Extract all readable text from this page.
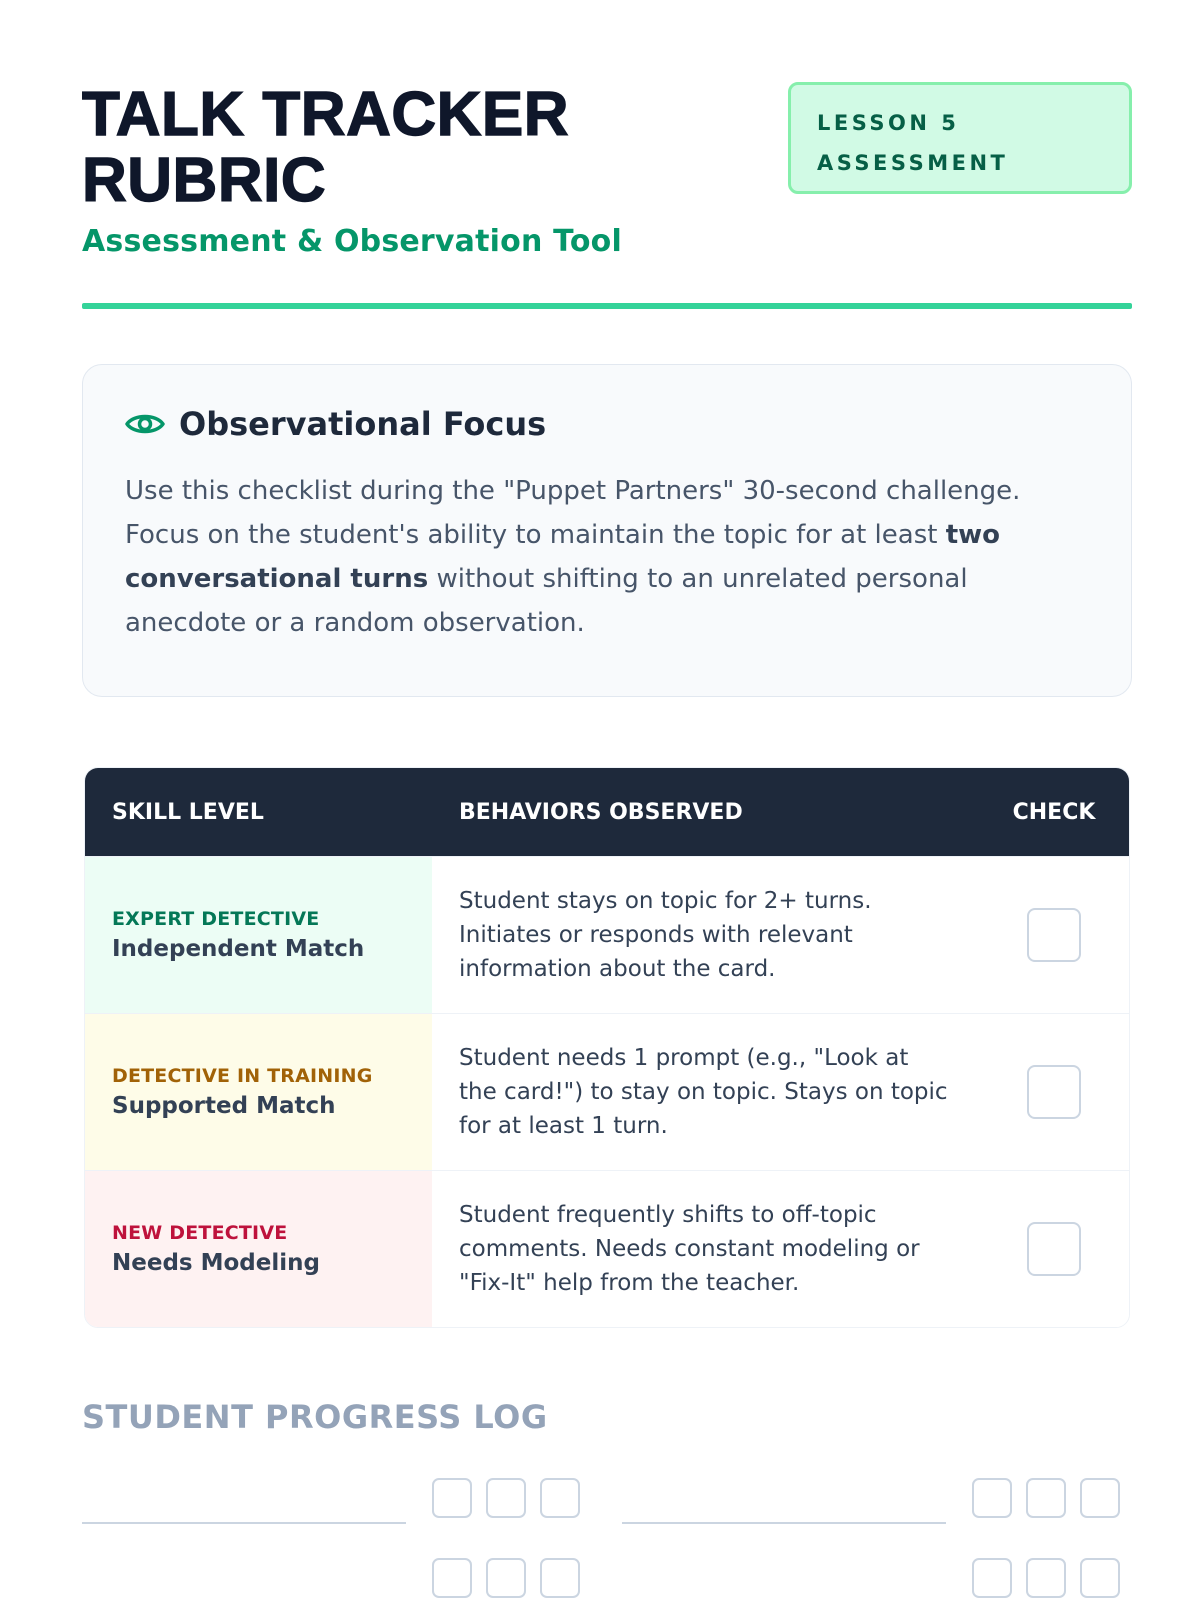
TALK TRACKER RUBRIC
Assessment & Observation Tool
LESSON 5
ASSESSMENT
Observational Focus

Use this checklist during the "Puppet Partners" 30-second challenge. Focus on the student's ability to maintain the topic for at least two conversational turns without shifting to an unrelated personal anecdote or a random observation.

SKILL LEVEL	BEHAVIORS OBSERVED	CHECK
EXPERT DETECTIVE
Independent Match
Student stays on topic for 2+ turns. Initiates or responds with relevant information about the card.
DETECTIVE IN TRAINING
Supported Match
Student needs 1 prompt (e.g., "Look at the card!") to stay on topic. Stays on topic for at least 1 turn.
NEW DETECTIVE
Needs Modeling
Student frequently shifts to off-topic comments. Needs constant modeling or "Fix-It" help from the teacher.
STUDENT PROGRESS LOG
